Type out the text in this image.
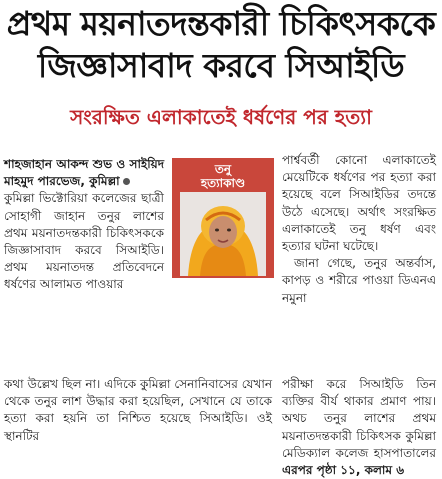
প্রথম ময়নাতদন্তকারী চিকিৎসককে
জিজ্ঞাসাবাদ করবে সিআইডি
সংরক্ষিত এলাকাতেই ধর্ষণের পর হত্যা

শাহজাহান আকন্দ শুভ ও সাইয়িদ মাহমুদ পারভেজ, কুমিল্লা

কুমিল্লা ভিক্টোরিয়া কলেজের ছাত্রী সোহাগী জাহান তনুর লাশের প্রথম ময়নাতদন্তকারী চিকিৎসককে জিজ্ঞাসাবাদ করবে সিআইডি। প্রথম ময়নাতদন্ত প্রতিবেদনে ধর্ষণের আলামত পাওয়ার

তনু
হত্যাকাণ্ড

পার্শ্ববর্তী কোনো এলাকাতেই মেয়েটিকে ধর্ষণের পর হত্যা করা হয়েছে বলে সিআইডির তদন্তে উঠে এসেছে। অর্থাৎ সংরক্ষিত এলাকাতেই তনু ধর্ষণ এবং হত্যার ঘটনা ঘটেছে।

জানা গেছে, তনুর অন্তর্বাস, কাপড় ও শরীরে পাওয়া ডিএনএ নমুনা

কথা উল্লেখ ছিল না। এদিকে কুমিল্লা সেনানিবাসের যেখান থেকে তনুর লাশ উদ্ধার করা হয়েছিল, সেখানে যে তাকে হত্যা করা হয়নি তা নিশ্চিত হয়েছে সিআইডি। ওই স্থানটির
পরীক্ষা করে সিআইডি তিন ব্যক্তির বীর্য থাকার প্রমাণ পায়। অথচ তনুর লাশের প্রথম ময়নাতদন্তকারী চিকিৎসক কুমিল্লা মেডিক্যাল কলেজ হাসপাতালের এরপর পৃষ্ঠা ১১, কলাম ৬
